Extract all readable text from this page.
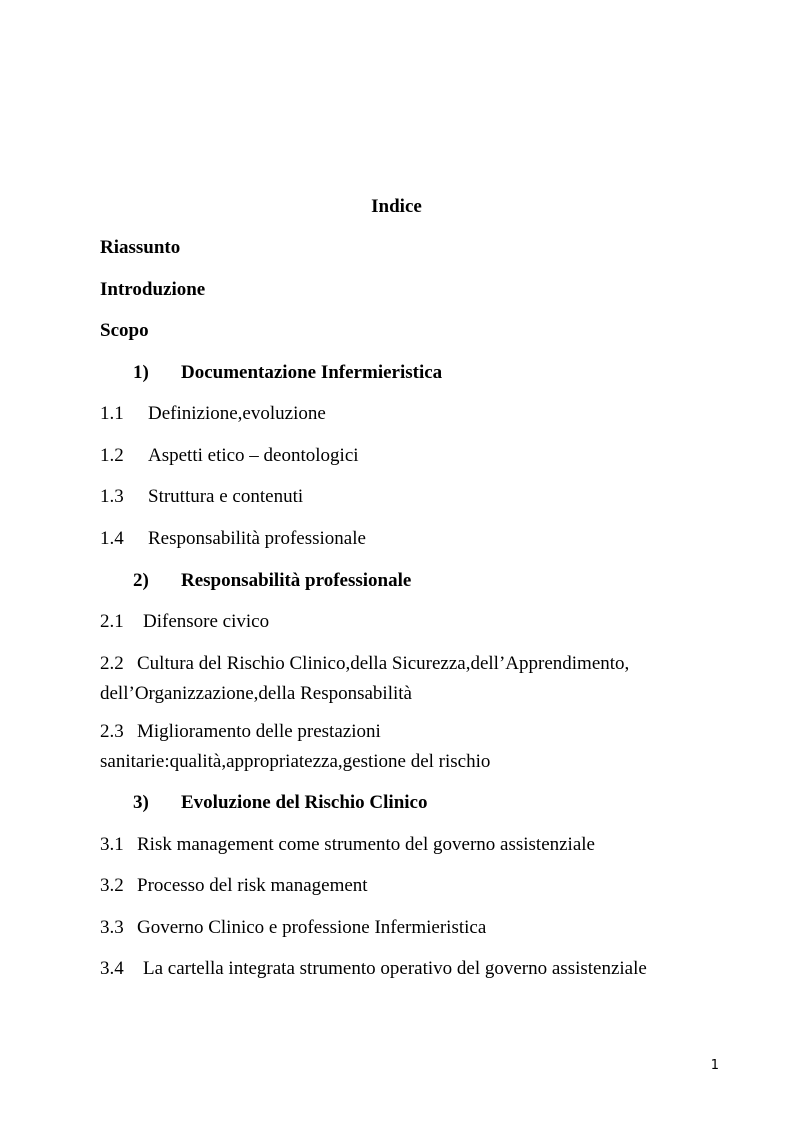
Indice
Riassunto
Introduzione
Scopo
1) Documentazione Infermieristica
1.1 Definizione,evoluzione
1.2 Aspetti etico – deontologici
1.3 Struttura e contenuti
1.4 Responsabilità professionale
2) Responsabilità professionale
2.1 Difensore civico
2.2 Cultura del Rischio Clinico,della Sicurezza,dell’Apprendimento,
dell’Organizzazione,della Responsabilità
2.3 Miglioramento delle prestazioni
sanitarie:qualità,appropriatezza,gestione del rischio
3) Evoluzione del Rischio Clinico
3.1 Risk management come strumento del governo assistenziale
3.2 Processo del risk management
3.3 Governo Clinico e professione Infermieristica
3.4 La cartella integrata strumento operativo del governo assistenziale
1
